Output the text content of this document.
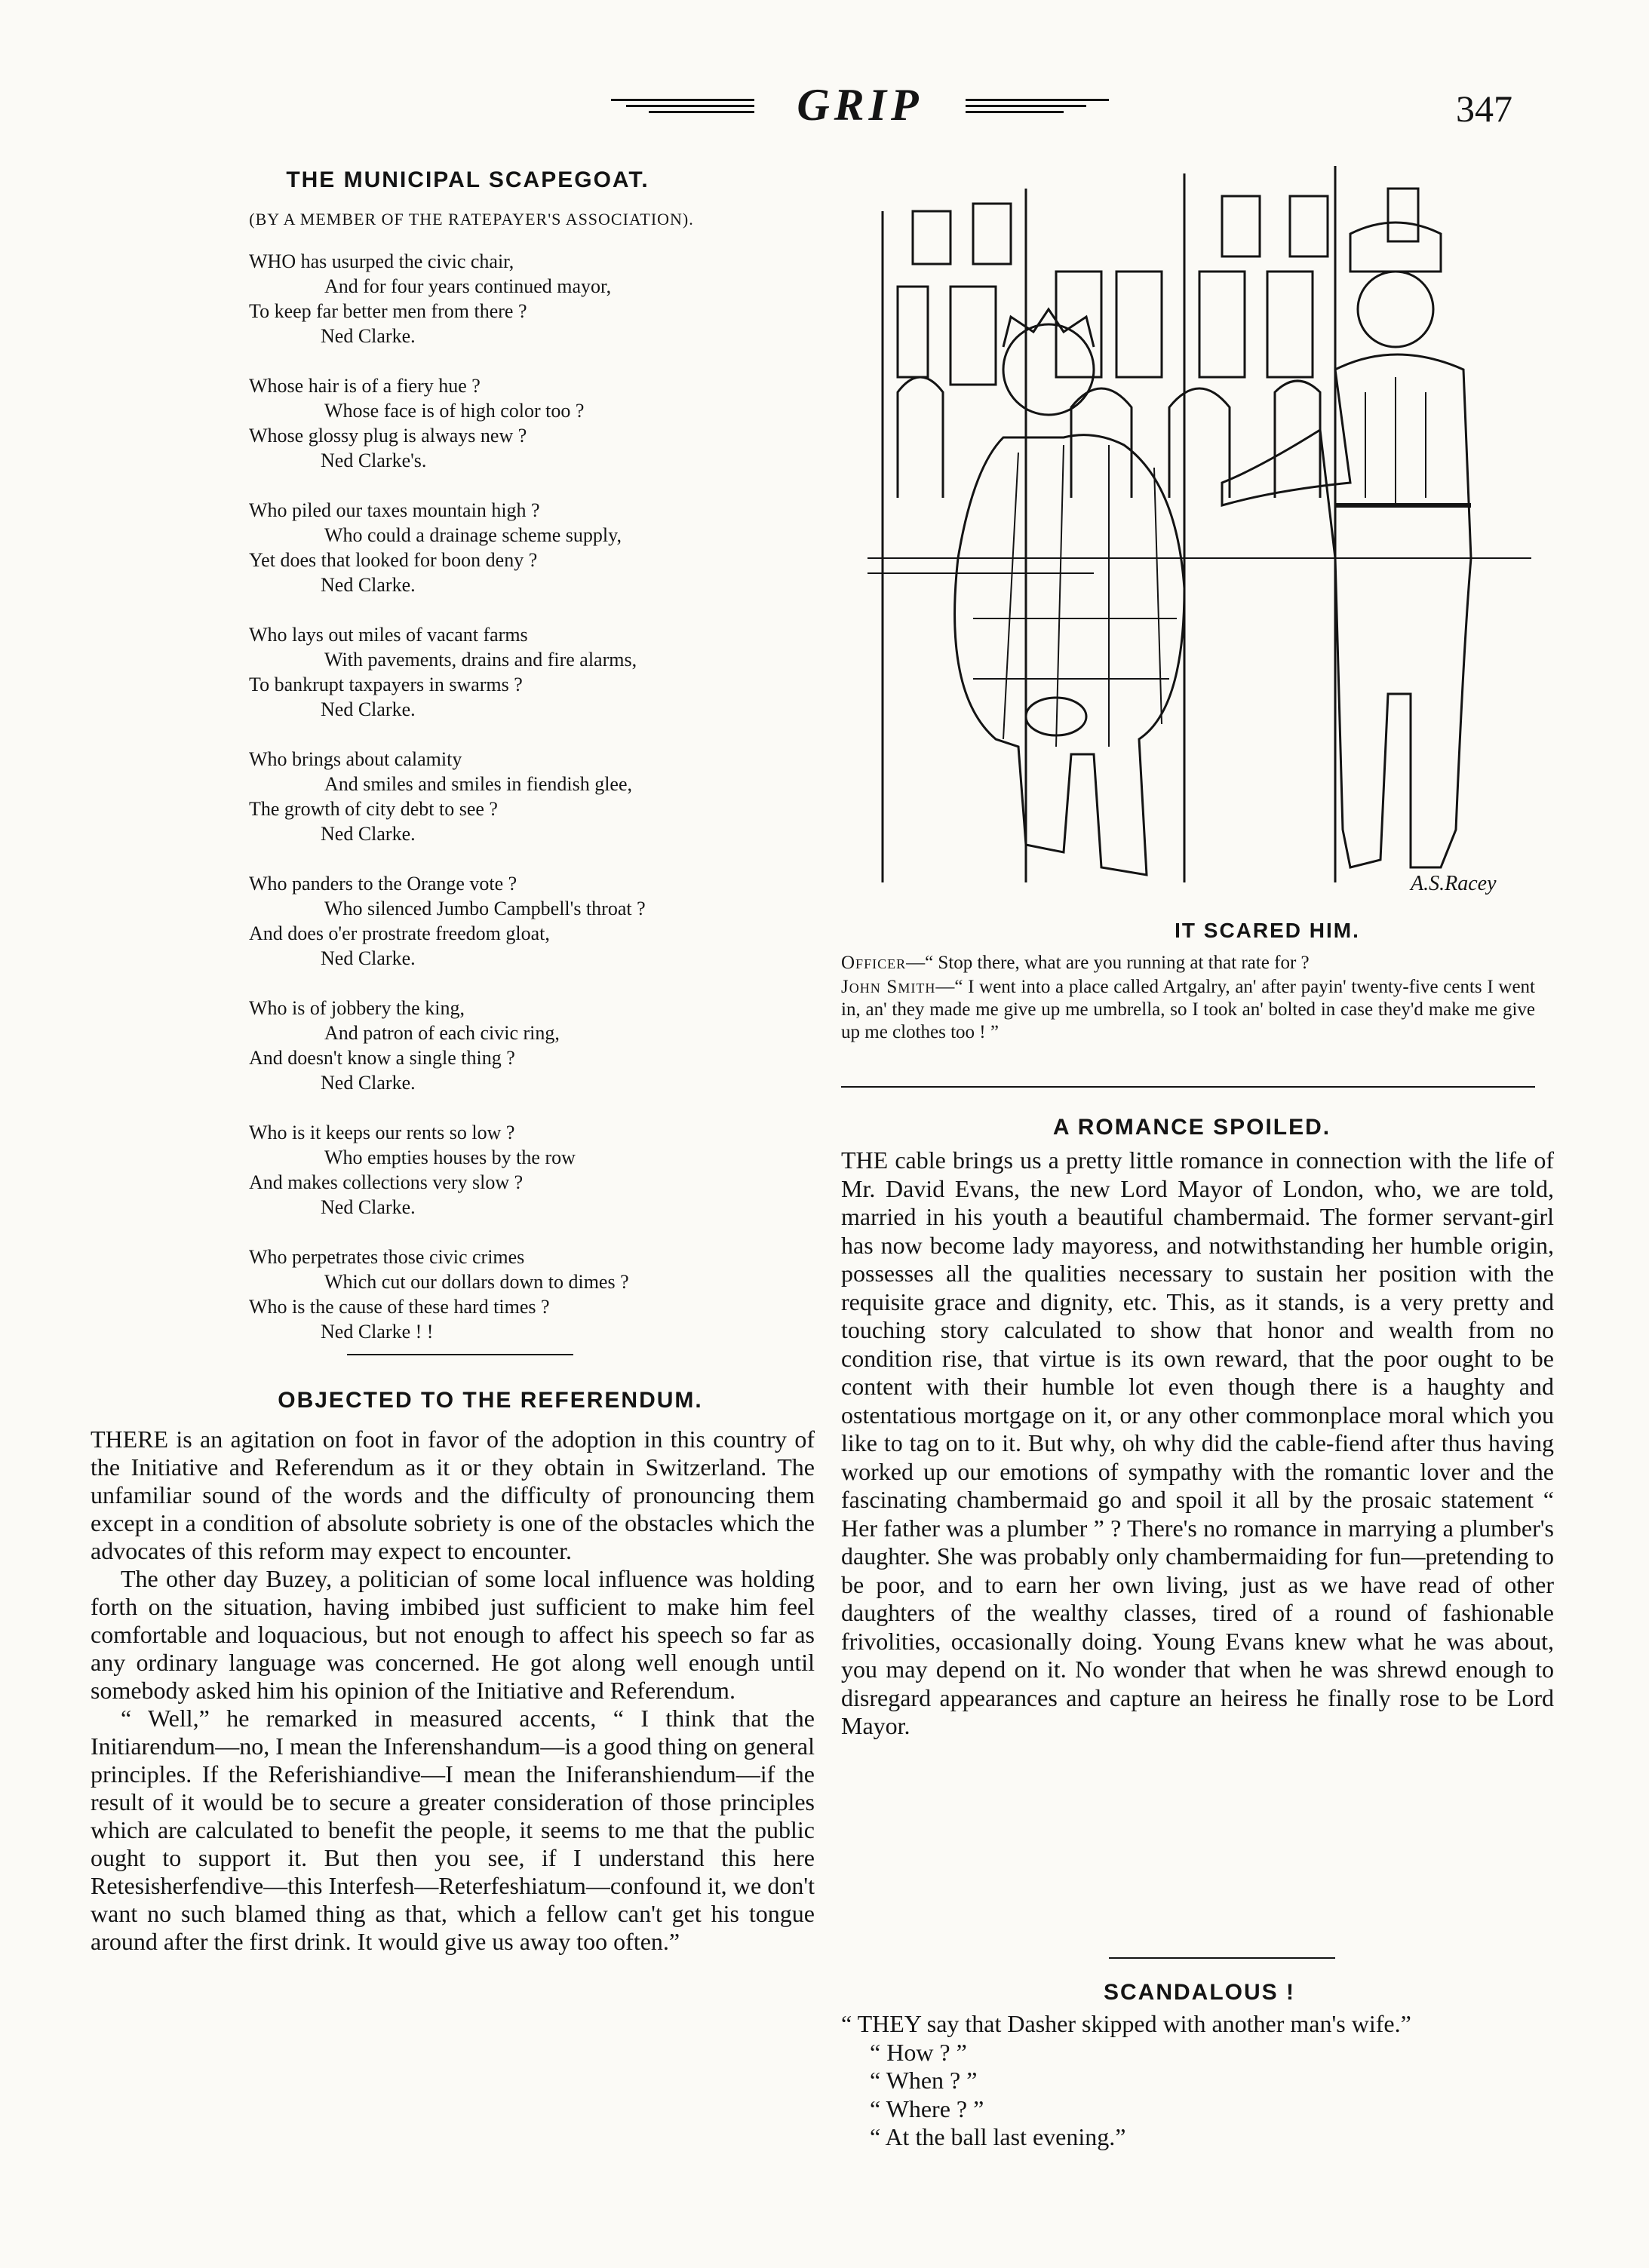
GRIP	347
THE MUNICIPAL SCAPEGOAT.
(BY A MEMBER OF THE RATEPAYER'S ASSOCIATION).
WHO has usurped the civic chair,
And for four years continued mayor,
To keep far better men from there ?
Ned Clarke.
Whose hair is of a fiery hue ?
Whose face is of high color too ?
Whose glossy plug is always new ?
Ned Clarke's.
Who piled our taxes mountain high ?
Who could a drainage scheme supply,
Yet does that looked for boon deny ?
Ned Clarke.
Who lays out miles of vacant farms
With pavements, drains and fire alarms,
To bankrupt taxpayers in swarms ?
Ned Clarke.
Who brings about calamity
And smiles and smiles in fiendish glee,
The growth of city debt to see ?
Ned Clarke.
Who panders to the Orange vote ?
Who silenced Jumbo Campbell's throat ?
And does o'er prostrate freedom gloat,
Ned Clarke.
Who is of jobbery the king,
And patron of each civic ring,
And doesn't know a single thing ?
Ned Clarke.
Who is it keeps our rents so low ?
Who empties houses by the row
And makes collections very slow ?
Ned Clarke.
Who perpetrates those civic crimes
Which cut our dollars down to dimes ?
Who is the cause of these hard times ?
Ned Clarke ! !
OBJECTED TO THE REFERENDUM.

THERE is an agitation on foot in favor of the adoption in this country of the Initiative and Referendum as it or they obtain in Switzerland. The unfamiliar sound of the words and the difficulty of pronouncing them except in a condition of absolute sobriety is one of the obstacles which the advocates of this reform may expect to encounter.

The other day Buzey, a politician of some local influence was holding forth on the situation, having imbibed just sufficient to make him feel comfortable and loquacious, but not enough to affect his speech so far as any ordinary language was concerned. He got along well enough until somebody asked him his opinion of the Initiative and Referendum.

“ Well,” he remarked in measured accents, “ I think that the Initiarendum—no, I mean the Inferenshandum—is a good thing on general principles. If the Referishiandive—I mean the Iniferanshiendum—if the result of it would be to secure a greater consideration of those principles which are calculated to benefit the people, it seems to me that the public ought to support it. But then you see, if I understand this here Retesisherfendive—this Interfesh—Reterfeshiatum—confound it, we don't want no such blamed thing as that, which a fellow can't get his tongue around after the first drink. It would give us away too often.”

A.S.Racey
IT SCARED HIM.

Officer—“ Stop there, what are you running at that rate for ?

John Smith—“ I went into a place called Artgalry, an' after payin' twenty-five cents I went in, an' they made me give up me umbrella, so I took an' bolted in case they'd make me give up me clothes too ! ”

A ROMANCE SPOILED.

THE cable brings us a pretty little romance in connection with the life of Mr. David Evans, the new Lord Mayor of London, who, we are told, married in his youth a beautiful chambermaid. The former servant-girl has now become lady mayoress, and notwithstanding her humble origin, possesses all the qualities necessary to sustain her position with the requisite grace and dignity, etc. This, as it stands, is a very pretty and touching story calculated to show that honor and wealth from no condition rise, that virtue is its own reward, that the poor ought to be content with their humble lot even though there is a haughty and ostentatious mortgage on it, or any other commonplace moral which you like to tag on to it. But why, oh why did the cable-fiend after thus having worked up our emotions of sympathy with the romantic lover and the fascinating chambermaid go and spoil it all by the prosaic statement “ Her father was a plumber ” ? There's no romance in marrying a plumber's daughter. She was probably only chambermaiding for fun—pretending to be poor, and to earn her own living, just as we have read of other daughters of the wealthy classes, tired of a round of fashionable frivolities, occasionally doing. Young Evans knew what he was about, you may depend on it. No wonder that when he was shrewd enough to disregard appearances and capture an heiress he finally rose to be Lord Mayor.

SCANDALOUS !

“ THEY say that Dasher skipped with another man's wife.”

“ How ? ”

“ When ? ”

“ Where ? ”

“ At the ball last evening.”
